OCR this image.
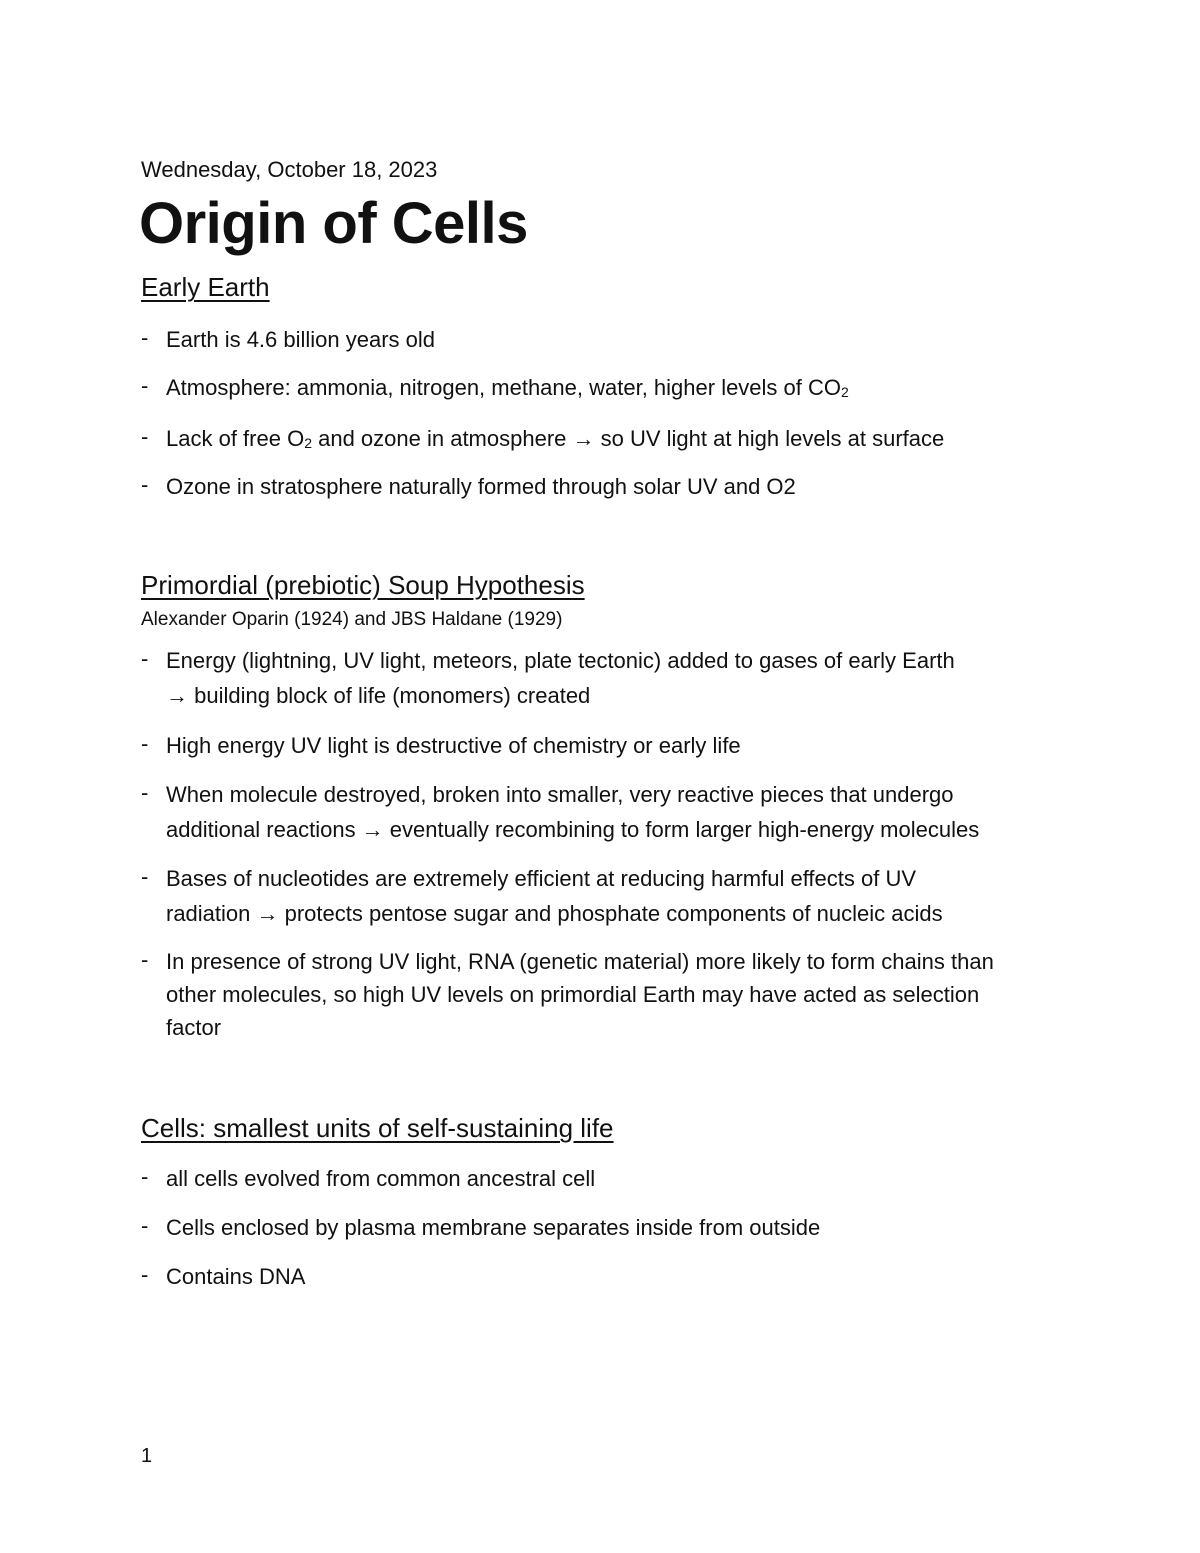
Wednesday, October 18, 2023
Origin of Cells
Early Earth
- Earth is 4.6 billion years old
- Atmosphere: ammonia, nitrogen, methane, water, higher levels of CO2
- Lack of free O2 and ozone in atmosphere → so UV light at high levels at surface
- Ozone in stratosphere naturally formed through solar UV and O2
Primordial (prebiotic) Soup Hypothesis
Alexander Oparin (1924) and JBS Haldane (1929)
- Energy (lightning, UV light, meteors, plate tectonic) added to gases of early Earth
→ building block of life (monomers) created
- High energy UV light is destructive of chemistry or early life
- When molecule destroyed, broken into smaller, very reactive pieces that undergo
additional reactions → eventually recombining to form larger high-energy molecules
- Bases of nucleotides are extremely efficient at reducing harmful effects of UV
radiation → protects pentose sugar and phosphate components of nucleic acids
- In presence of strong UV light, RNA (genetic material) more likely to form chains than
other molecules, so high UV levels on primordial Earth may have acted as selection
factor
Cells: smallest units of self-sustaining life
- all cells evolved from common ancestral cell
- Cells enclosed by plasma membrane separates inside from outside
- Contains DNA
1
